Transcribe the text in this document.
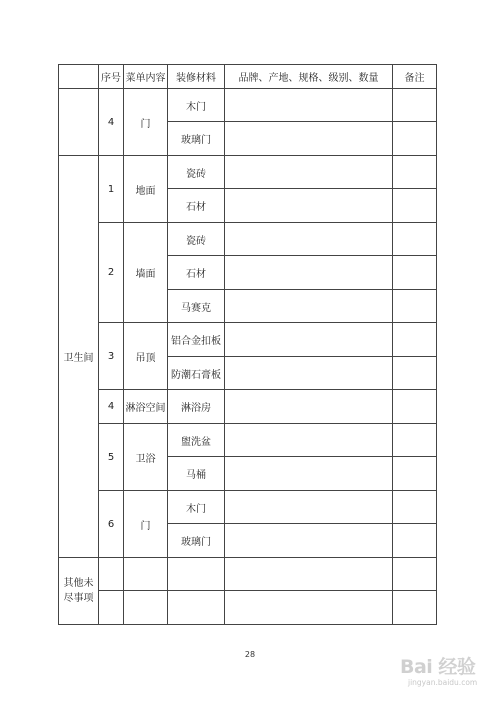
	序号	菜单内容	装修材料	品牌、产地、规格、级别、数量	备注
	4	门	木门		
			玻璃门		
卫生间	1	地面	瓷砖		
			石材		
	2	墙面	瓷砖		
			石材		
			马赛克		
	3	吊顶	铝合金扣板		
			防潮石膏板		
	4	淋浴空间	淋浴房		
	5	卫浴	盥洗盆		
			马桶		
	6	门	木门		
			玻璃门		
其他未尽事项					

28
Bai 经验
jingyan.baidu.com
